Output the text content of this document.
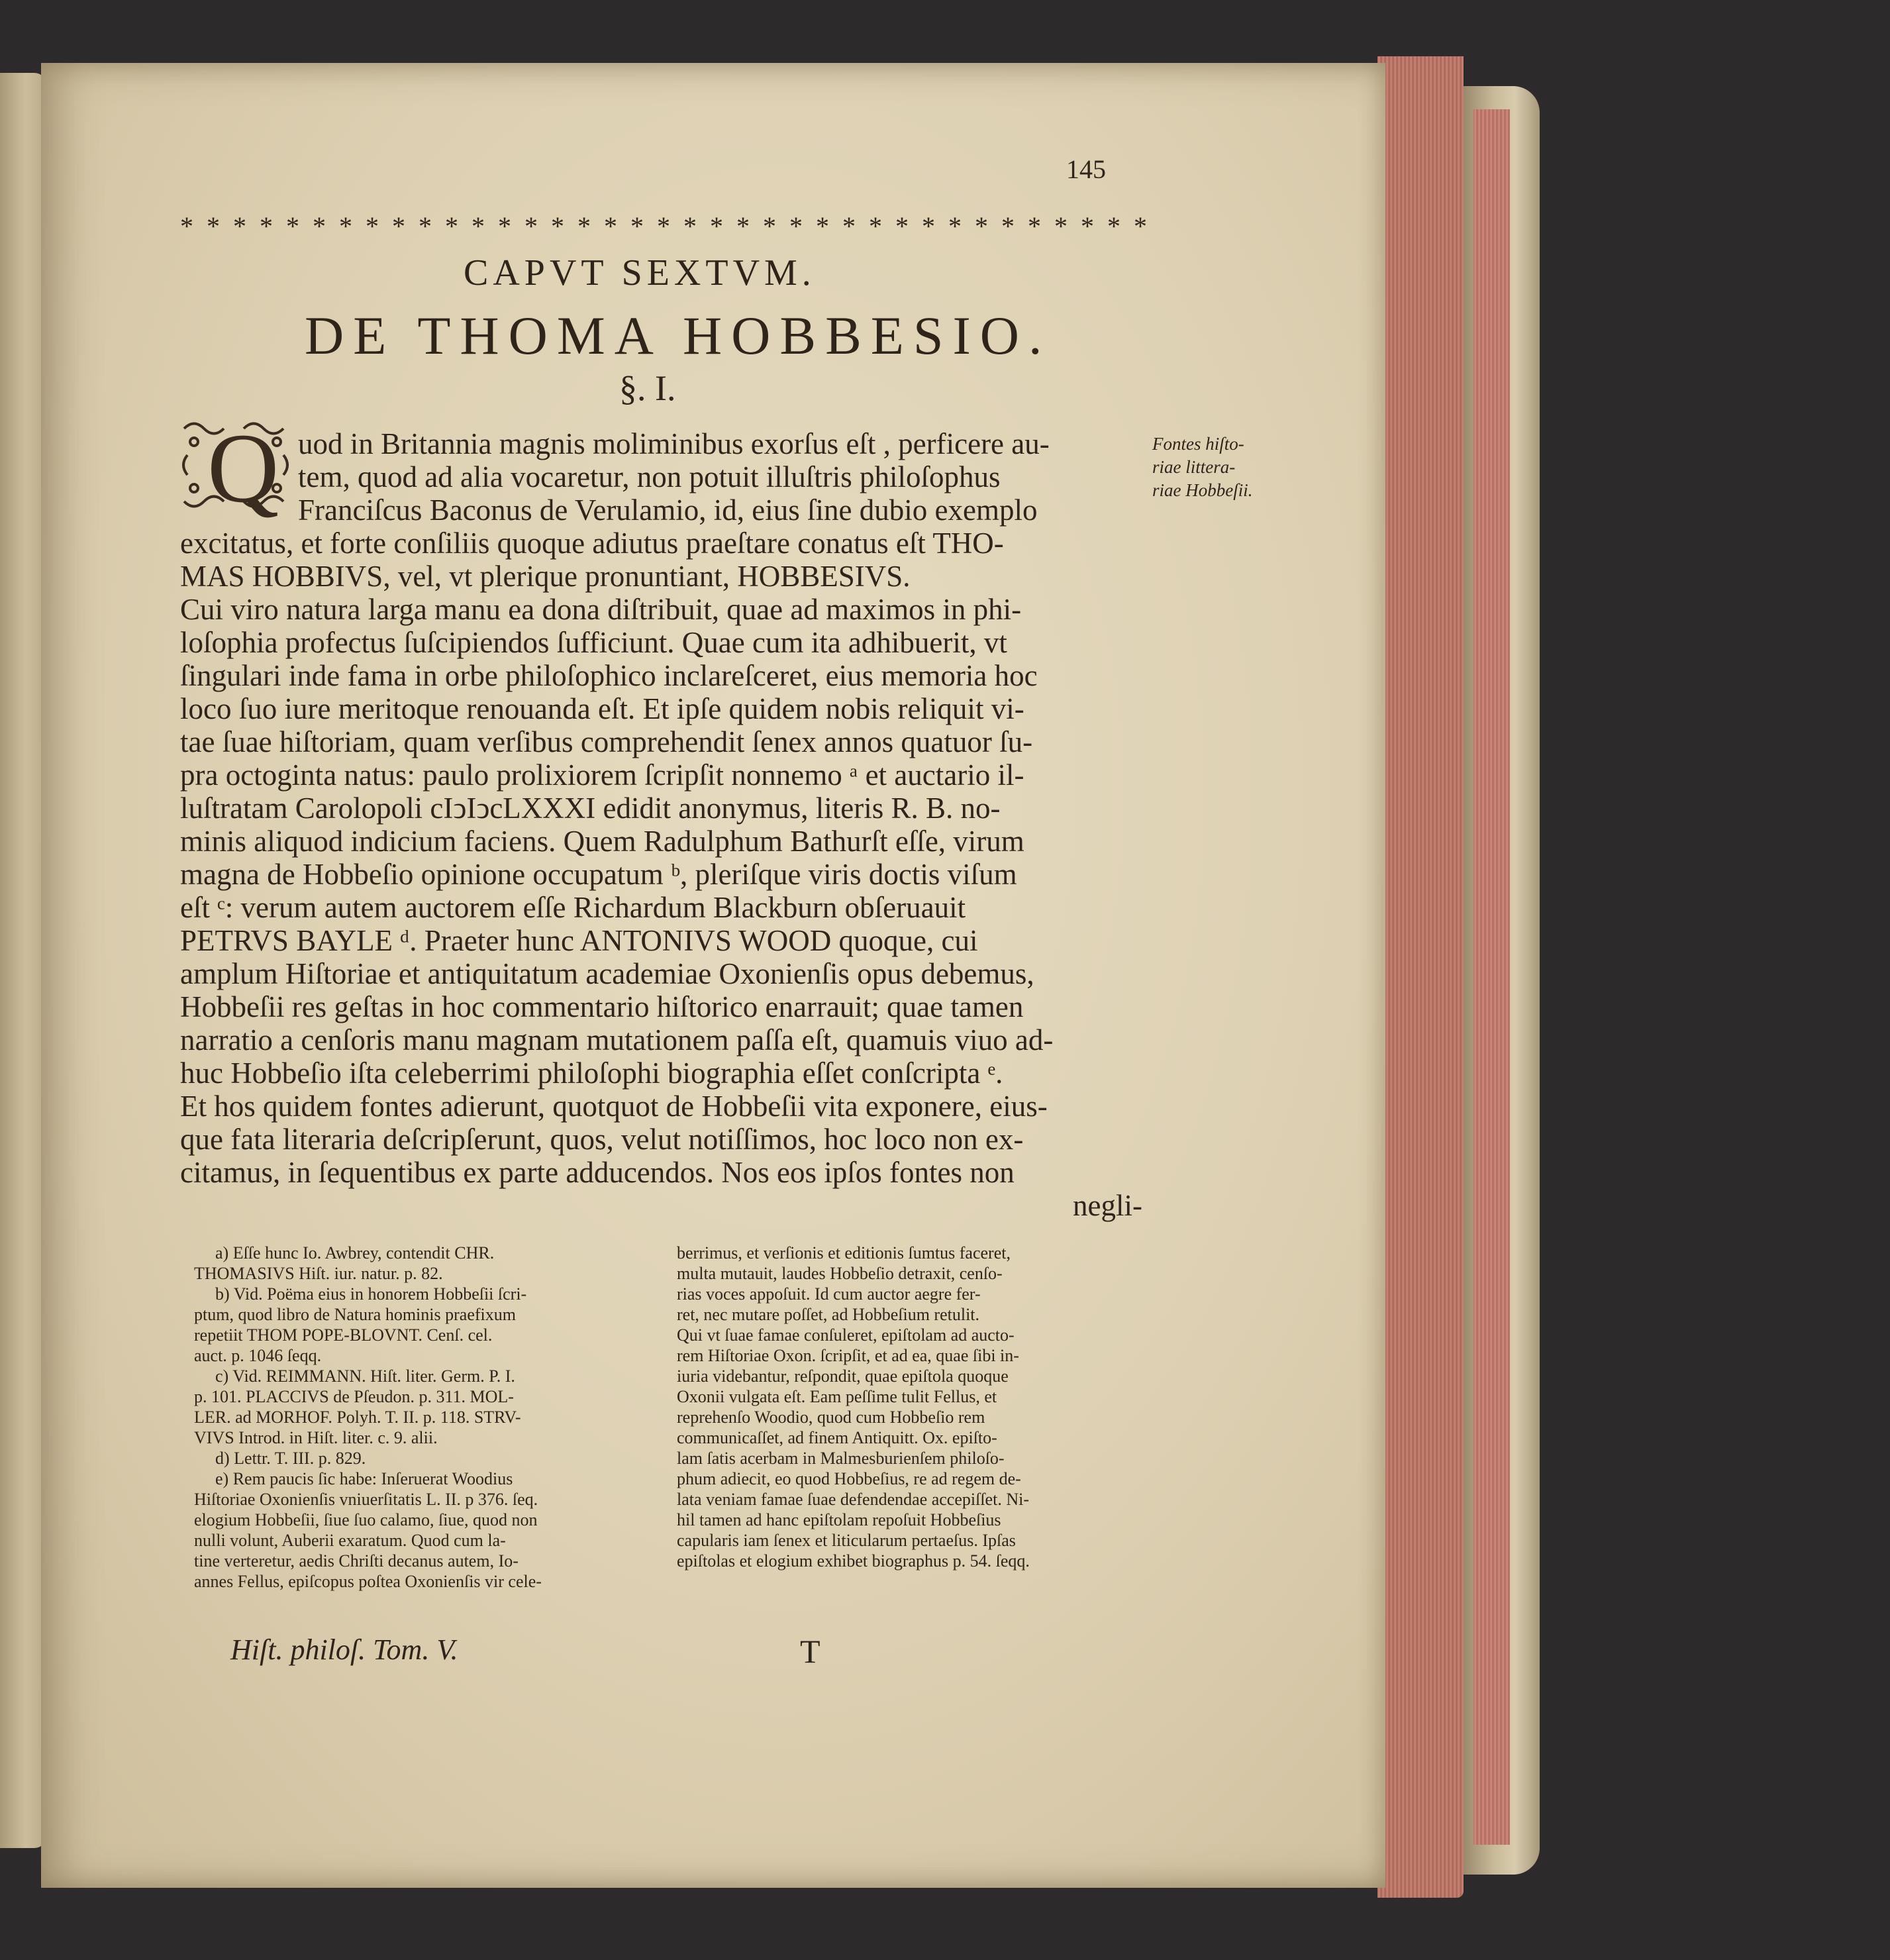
145
* * * * * * * * * * * * * * * * * * * * * * * * * * * * * * * * * * * * *
CAPVT SEXTVM.
DE THOMA HOBBESIO.
§. I.
Q uod in Britannia magnis moliminibus exorſus eſt , perficere au-
tem, quod ad alia vocaretur, non potuit illuſtris philoſophus
Franciſcus Baconus de Verulamio, id, eius ſine dubio exemplo
excitatus, et forte conſiliis quoque adiutus praeſtare conatus eſt THO-
MAS HOBBIVS, vel, vt plerique pronuntiant, HOBBESIVS.
Cui viro natura larga manu ea dona diſtribuit, quae ad maximos in phi-
loſophia profectus ſuſcipiendos ſufficiunt. Quae cum ita adhibuerit, vt
ſingulari inde fama in orbe philoſophico inclareſceret, eius memoria hoc
loco ſuo iure meritoque renouanda eſt. Et ipſe quidem nobis reliquit vi-
tae ſuae hiſtoriam, quam verſibus comprehendit ſenex annos quatuor ſu-
pra octoginta natus: paulo prolixiorem ſcripſit nonnemo ᵃ et auctario il-
luſtratam Carolopoli cIↄIↄcLXXXI edidit anonymus, literis R. B. no-
minis aliquod indicium faciens. Quem Radulphum Bathurſt eſſe, virum
magna de Hobbeſio opinione occupatum ᵇ, pleriſque viris doctis viſum
eſt ᶜ: verum autem auctorem eſſe Richardum Blackburn obſeruauit
PETRVS BAYLE ᵈ. Praeter hunc ANTONIVS WOOD quoque, cui
amplum Hiſtoriae et antiquitatum academiae Oxonienſis opus debemus,
Hobbeſii res geſtas in hoc commentario hiſtorico enarrauit; quae tamen
narratio a cenſoris manu magnam mutationem paſſa eſt, quamuis viuo ad-
huc Hobbeſio iſta celeberrimi philoſophi biographia eſſet conſcripta ᵉ.
Et hos quidem fontes adierunt, quotquot de Hobbeſii vita exponere, eius-
que fata literaria deſcripſerunt, quos, velut notiſſimos, hoc loco non ex-
citamus, in ſequentibus ex parte adducendos. Nos eos ipſos fontes non
negli-
Fontes hiſto-
riae littera-
riae Hobbeſii.
a) Eſſe hunc Io. Awbrey, contendit CHR.
THOMASIVS Hiſt. iur. natur. p. 82.
b) Vid. Poëma eius in honorem Hobbeſii ſcri-
ptum, quod libro de Natura hominis praefixum
repetiit THOM POPE-BLOVNT. Cenſ. cel.
auct. p. 1046 ſeqq.
c) Vid. REIMMANN. Hiſt. liter. Germ. P. I.
p. 101. PLACCIVS de Pſeudon. p. 311. MOL-
LER. ad MORHOF. Polyh. T. II. p. 118. STRV-
VIVS Introd. in Hiſt. liter. c. 9. alii.
d) Lettr. T. III. p. 829.
e) Rem paucis ſic habe: Inſeruerat Woodius
Hiſtoriae Oxonienſis vniuerſitatis L. II. p 376. ſeq.
elogium Hobbeſii, ſiue ſuo calamo, ſiue, quod non
nulli volunt, Auberii exaratum. Quod cum la-
tine verteretur, aedis Chriſti decanus autem, Io-
annes Fellus, epiſcopus poſtea Oxonienſis vir cele-
berrimus, et verſionis et editionis ſumtus faceret,
multa mutauit, laudes Hobbeſio detraxit, cenſo-
rias voces appoſuit. Id cum auctor aegre fer-
ret, nec mutare poſſet, ad Hobbeſium retulit.
Qui vt ſuae famae conſuleret, epiſtolam ad aucto-
rem Hiſtoriae Oxon. ſcripſit, et ad ea, quae ſibi in-
iuria videbantur, reſpondit, quae epiſtola quoque
Oxonii vulgata eſt. Eam peſſime tulit Fellus, et
reprehenſo Woodio, quod cum Hobbeſio rem
communicaſſet, ad finem Antiquitt. Ox. epiſto-
lam ſatis acerbam in Malmesburienſem philoſo-
phum adiecit, eo quod Hobbeſius, re ad regem de-
lata veniam famae ſuae defendendae accepiſſet. Ni-
hil tamen ad hanc epiſtolam repoſuit Hobbeſius
capularis iam ſenex et liticularum pertaeſus. Ipſas
epiſtolas et elogium exhibet biographus p. 54. ſeqq.
Hiſt. philoſ. Tom. V.	T
